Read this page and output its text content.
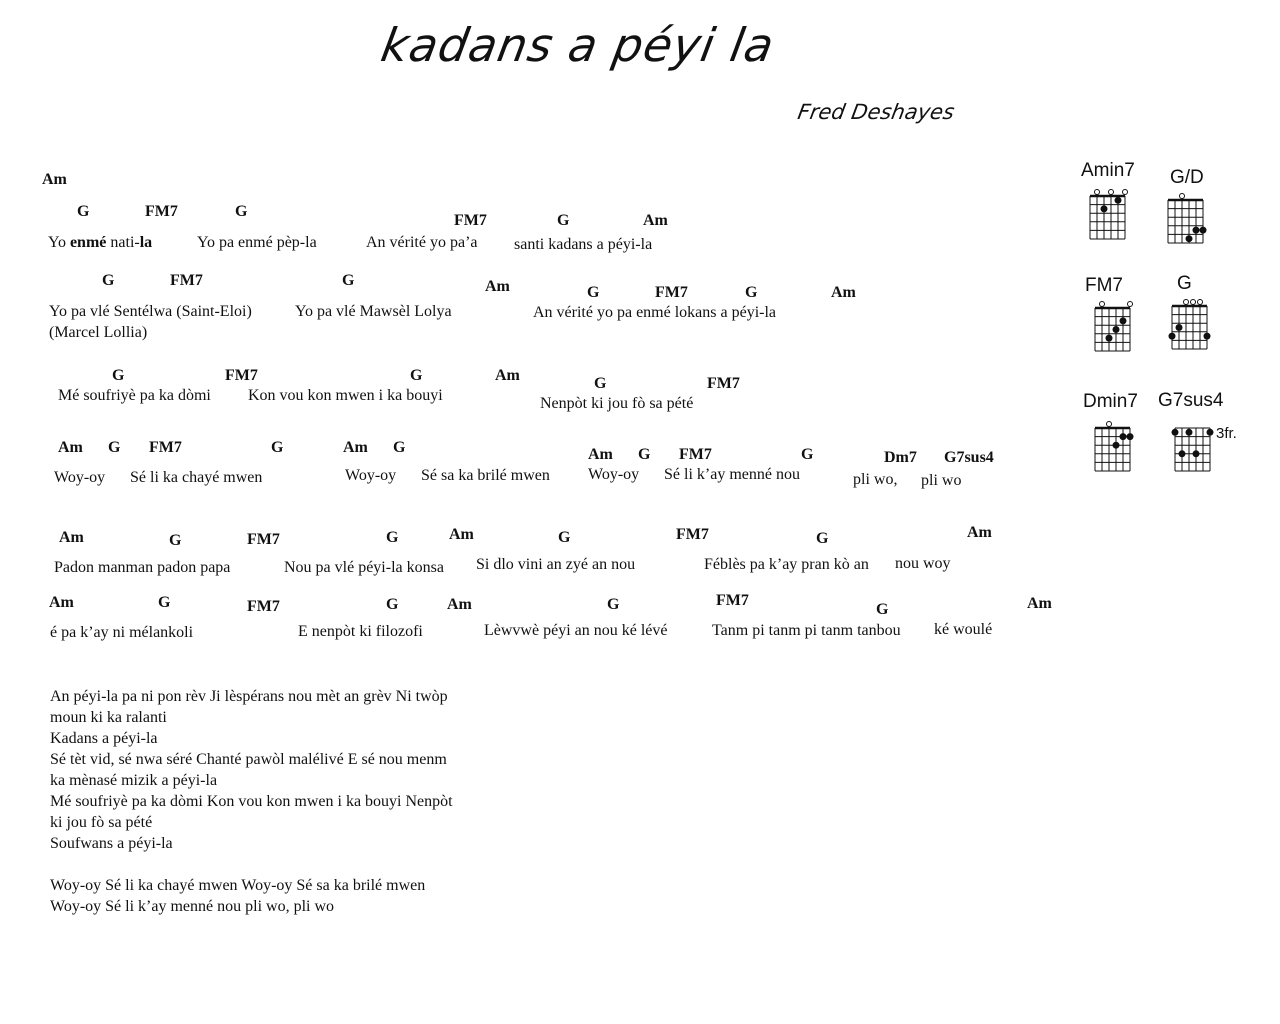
kadans a péyi la
Fred Deshayes
Am
G	FM7	G
FM7	G	Am
G	FM7	G	Am	G	FM7	G	Am
G	FM7	G	Am	G	FM7
Am G FM7	G	Am G	Am G FM7	G	Dm7 G7sus4
Am	G	FM7	G	Am	G	FM7	G	Am
Am	G	FM7	G	Am	G	FM7
G	Am
Yo enmé nati-la	Yo pa enmé pèp-la	An vérité yo pa’a santi kadans a péyi-la
Yo pa vlé Sentélwa (Saint-Eloi)
(Marcel Lollia)
Yo pa vlé Mawsèl Lolya	An vérité yo pa enmé lokans a péyi-la
Mé soufriyè pa ka dòmi Kon vou kon mwen i ka bouyi	Nenpòt ki jou fò sa pété
Woy-oy Sé li ka chayé mwen	Woy-oy Sé sa ka brilé mwen Woy-oy Sé li k’ay menné nou	pli wo, pli wo
Padon manman padon papa	Nou pa vlé péyi-la konsa Si dlo vini an zyé an nou	Féblès pa k’ay pran kò an nou woy
é pa k’ay ni mélankoli	E nenpòt ki filozofi	Lèwvwè péyi an nou ké lévé	Tanm pi tanm pi tanm tanbou ké woulé
An péyi-la pa ni pon rèv Ji lèspérans nou mèt an grèv Ni twòp
moun ki ka ralanti
Kadans a péyi-la
Sé tèt vid, sé nwa séré Chanté pawòl malélivé E sé nou menm
ka mènasé mizik a péyi-la
Mé soufriyè pa ka dòmi Kon vou kon mwen i ka bouyi Nenpòt
ki jou fò sa pété
Soufwans a péyi-la
Woy-oy Sé li ka chayé mwen Woy-oy Sé sa ka brilé mwen
Woy-oy Sé li k’ay menné nou pli wo, pli wo
Amin7 G/D
FM7	G
Dmin7 G7sus4
3fr.
